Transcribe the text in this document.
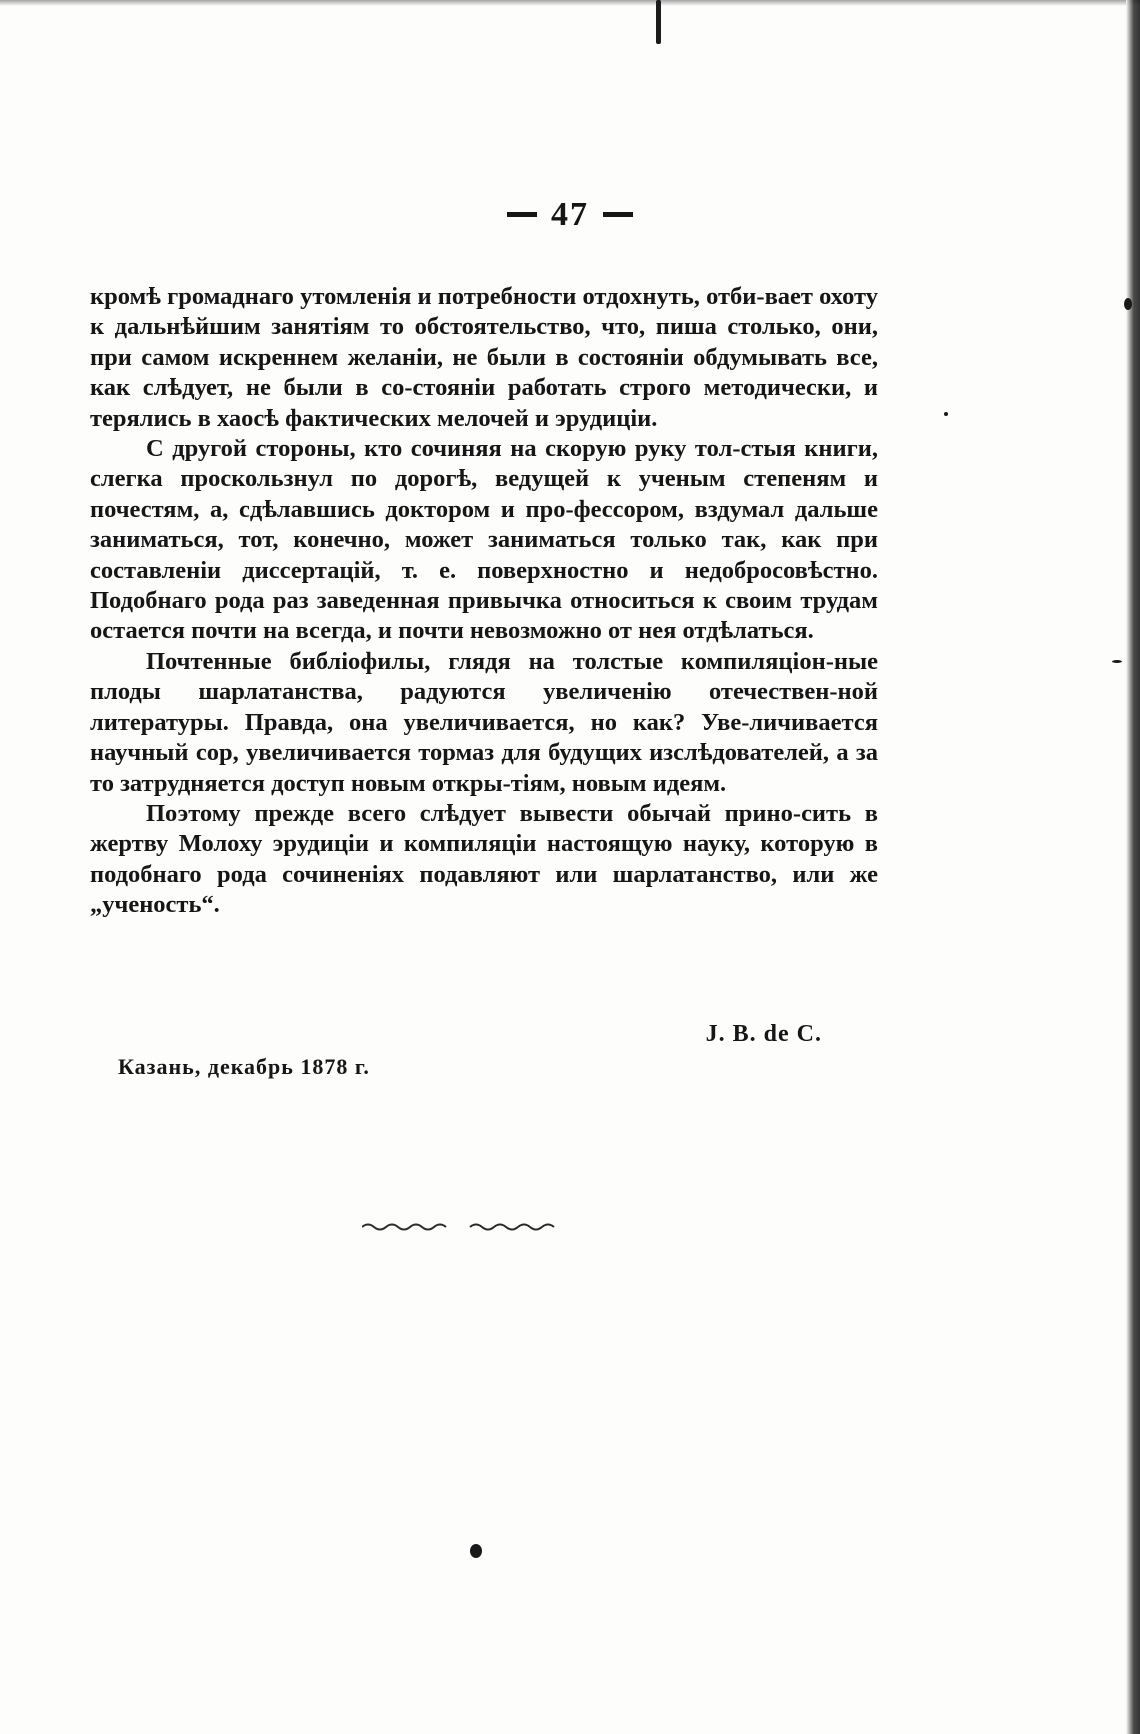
47

кромѣ громаднаго утомленія и потребности отдохнуть, отби-вает охоту к дальнѣйшим занятіям то обстоятельство, что, пиша столько, они, при самом искреннем желаніи, не были в состояніи обдумывать все, как слѣдует, не были в со-стояніи работать строго методически, и терялись в хаосѣ фактических мелочей и эрудиціи.

С другой стороны, кто сочиняя на скорую руку тол-стыя книги, слегка проскользнул по дорогѣ, ведущей к ученым степеням и почестям, а, сдѣлавшись доктором и про-фессором, вздумал дальше заниматься, тот, конечно, может заниматься только так, как при составленіи диссертацій, т. е. поверхностно и недобросовѣстно. Подобнаго рода раз заведенная привычка относиться к своим трудам остается почти на всегда, и почти невозможно от нея отдѣлаться.

Почтенные библіофилы, глядя на толстые компиляціон-ные плоды шарлатанства, радуются увеличенію отечествен-ной литературы. Правда, она увеличивается, но как? Уве-личивается научный сор, увеличивается тормаз для будущих изслѣдователей, а за то затрудняется доступ новым откры-тіям, новым идеям.

Поэтому прежде всего слѣдует вывести обычай прино-сить в жертву Молоху эрудиціи и компиляціи настоящую науку, которую в подобнаго рода сочиненіях подавляют или шарлатанство, или же „ученость“.

J. B. de C.
Казань, декабрь 1878 г.
